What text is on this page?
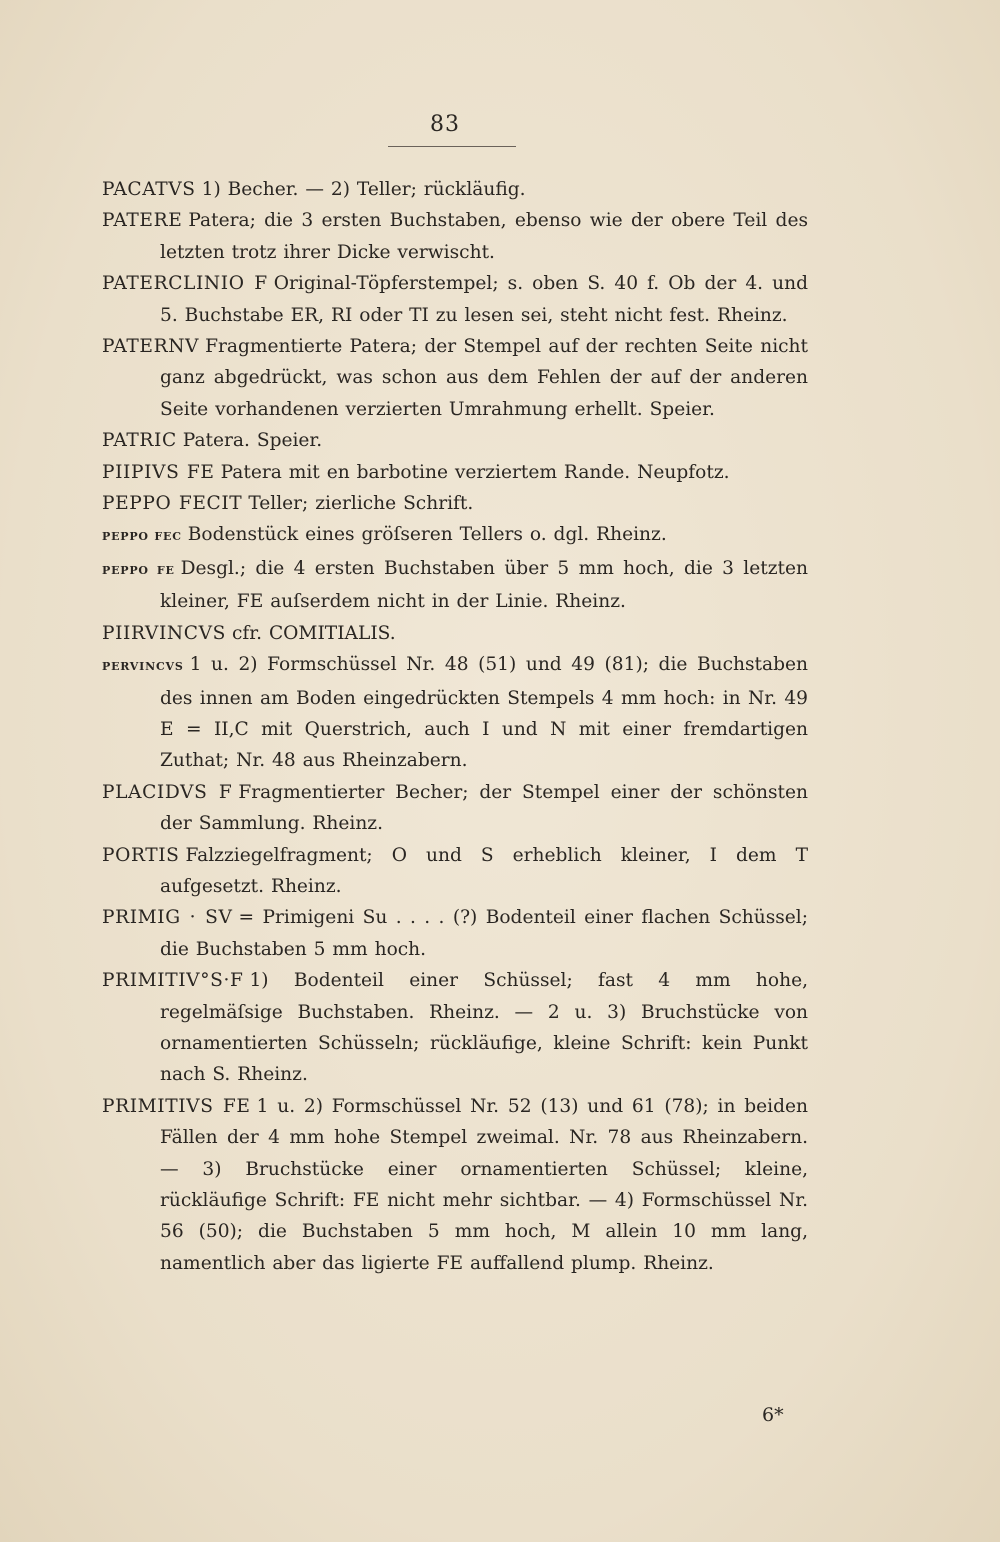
83
PACATVS 1) Becher. — 2) Teller; rückläufig.
PATERE Patera; die 3 ersten Buchstaben, ebenso wie der obere Teil des letzten trotz ihrer Dicke verwischt.
PATERCLINIO F Original-Töpferstempel; s. oben S. 40 f. Ob der 4. und 5. Buchstabe ER, RI oder TI zu lesen sei, steht nicht fest. Rheinz.
PATERNV Fragmentierte Patera; der Stempel auf der rechten Seite nicht ganz abgedrückt, was schon aus dem Fehlen der auf der anderen Seite vorhandenen verzierten Umrahmung erhellt. Speier.
PATRIC Patera. Speier.
PIIPIVS FE Patera mit en barbotine verziertem Rande. Neupfotz.
PEPPO FECIT Teller; zierliche Schrift.
PEPPO FEC Bodenstück eines gröſseren Tellers o. dgl. Rheinz.
PEPPO FE Desgl.; die 4 ersten Buchstaben über 5 mm hoch, die 3 letzten kleiner, FE auſserdem nicht in der Linie. Rheinz.
PIIRVINCVS cfr. COMITIALIS.
PERVINCVS 1 u. 2) Formschüssel Nr. 48 (51) und 49 (81); die Buchstaben des innen am Boden eingedrückten Stempels 4 mm hoch: in Nr. 49 E = II,C mit Querstrich, auch I und N mit einer fremdartigen Zuthat; Nr. 48 aus Rheinzabern.
PLACIDVS F Fragmentierter Becher; der Stempel einer der schönsten der Sammlung. Rheinz.
PORTIS Falzziegelfragment; O und S erheblich kleiner, I dem T aufgesetzt. Rheinz.
PRIMIG · SV = Primigeni Su . . . . (?) Bodenteil einer flachen Schüssel; die Buchstaben 5 mm hoch.
PRIMITIV°S·F 1) Bodenteil einer Schüssel; fast 4 mm hohe, regelmäſsige Buchstaben. Rheinz. — 2 u. 3) Bruchstücke von ornamentierten Schüsseln; rückläufige, kleine Schrift: kein Punkt nach S. Rheinz.
PRIMITIVS FE 1 u. 2) Formschüssel Nr. 52 (13) und 61 (78); in beiden Fällen der 4 mm hohe Stempel zweimal. Nr. 78 aus Rheinzabern. — 3) Bruchstücke einer ornamentierten Schüssel; kleine, rückläufige Schrift: FE nicht mehr sichtbar. — 4) Formschüssel Nr. 56 (50); die Buchstaben 5 mm hoch, M allein 10 mm lang, namentlich aber das ligierte FE auffallend plump. Rheinz.
6*
